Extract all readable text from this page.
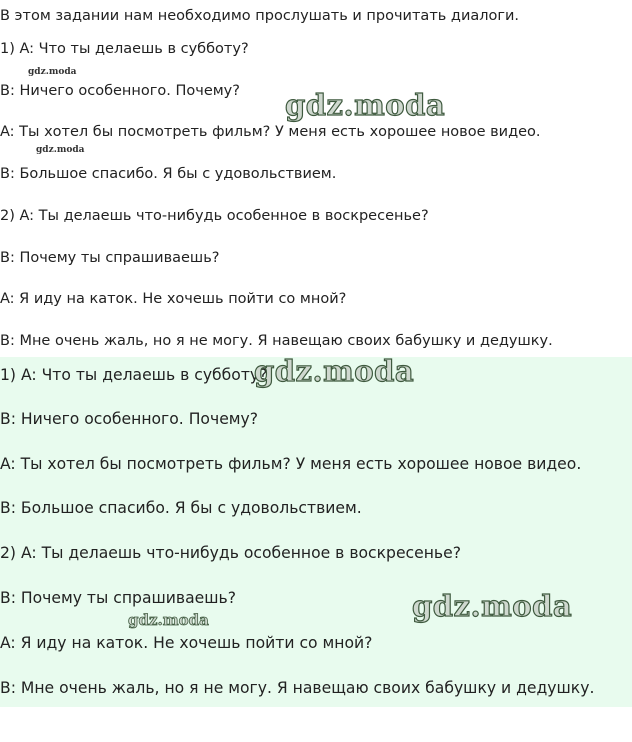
В этом задании нам необходимо прослушать и прочитать диалоги.
1) A: Что ты делаешь в субботу?
B: Ничего особенного. Почему?
A: Ты хотел бы посмотреть фильм? У меня есть хорошее новое видео.
B: Большое спасибо. Я бы с удовольствием.
2) A: Ты делаешь что-нибудь особенное в воскресенье?
B: Почему ты спрашиваешь?
A: Я иду на каток. Не хочешь пойти со мной?
B: Мне очень жаль, но я не могу. Я навещаю своих бабушку и дедушку.
1) A: Что ты делаешь в субботу?
B: Ничего особенного. Почему?
A: Ты хотел бы посмотреть фильм? У меня есть хорошее новое видео.
B: Большое спасибо. Я бы с удовольствием.
2) A: Ты делаешь что-нибудь особенное в воскресенье?
B: Почему ты спрашиваешь?
A: Я иду на каток. Не хочешь пойти со мной?
B: Мне очень жаль, но я не могу. Я навещаю своих бабушку и дедушку.
gdz.moda
gdz.moda
gdz.moda
gdz.moda
gdz.moda
gdz.moda
